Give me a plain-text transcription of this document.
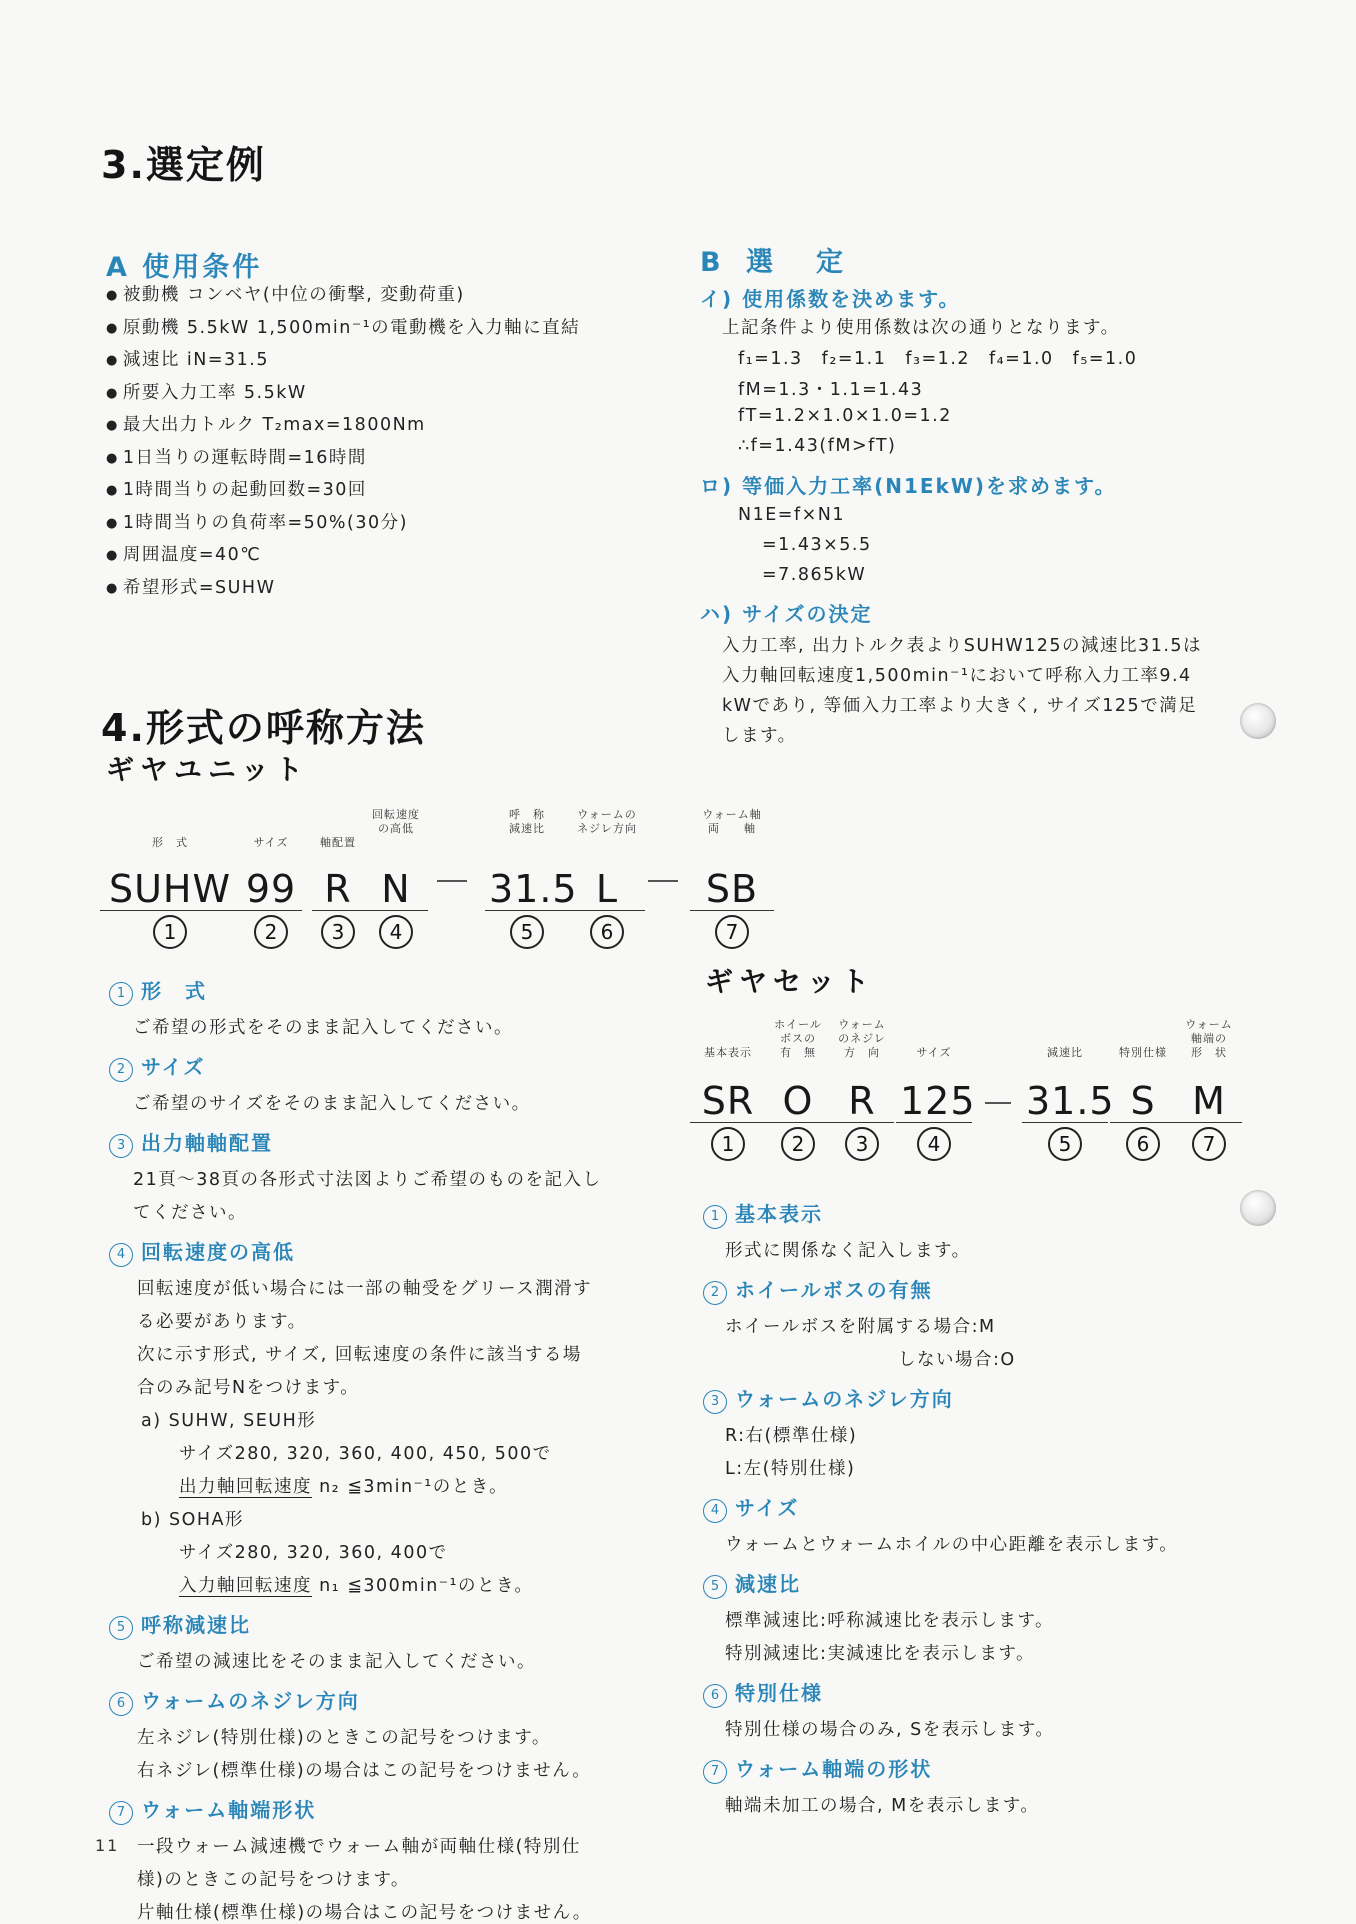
3.選定例
A 使用条件
● 被動機 コンベヤ(中位の衝撃, 変動荷重)
● 原動機 5.5kW 1,500min⁻¹の電動機を入力軸に直結
● 減速比 iN=31.5
● 所要入力工率 5.5kW
● 最大出力トルク T₂max=1800Nm
● 1日当りの運転時間=16時間
● 1時間当りの起動回数=30回
● 1時間当りの負荷率=50%(30分)
● 周囲温度=40℃
● 希望形式=SUHW
B 選　定
イ) 使用係数を決めます。

上記条件より使用係数は次の通りとなります。

f₁=1.3　f₂=1.1　f₃=1.2　f₄=1.0　f₅=1.0

fM=1.3・1.1=1.43

fT=1.2×1.0×1.0=1.2

∴f=1.43(fM>fT)

ロ) 等価入力工率(N1EkW)を求めます。

N1E=f×N1

=1.43×5.5

=7.865kW

ハ) サイズの決定

入力工率, 出力トルク表よりSUHW125の減速比31.5は

入力軸回転速度1,500min⁻¹において呼称入力工率9.4

kWであり, 等価入力工率より大きく, サイズ125で満足

します。

4.形式の呼称方法
ギヤユニット
形　式
SUHW
1
サイズ
99
2
軸配置
R
3
回転速度
の高低
N
4
呼　称
減速比
31.5
5
ウォームの
ネジレ方向
L
6
ウォーム軸
両　　軸
SB
7
1 形　式

ご希望の形式をそのまま記入してください。

2 サイズ

ご希望のサイズをそのまま記入してください。

3 出力軸軸配置

21頁～38頁の各形式寸法図よりご希望のものを記入し

てください。

4 回転速度の高低

回転速度が低い場合には一部の軸受をグリース潤滑す

る必要があります。

次に示す形式, サイズ, 回転速度の条件に該当する場

合のみ記号Nをつけます。

a) SUHW, SEUH形

サイズ280, 320, 360, 400, 450, 500で

出力軸回転速度 n₂ ≦3min⁻¹のとき。

b) SOHA形

サイズ280, 320, 360, 400で

入力軸回転速度 n₁ ≦300min⁻¹のとき。

5 呼称減速比

ご希望の減速比をそのまま記入してください。

6 ウォームのネジレ方向

左ネジレ(特別仕様)のときこの記号をつけます。

右ネジレ(標準仕様)の場合はこの記号をつけません。

7 ウォーム軸端形状

一段ウォーム減速機でウォーム軸が両軸仕様(特別仕

様)のときこの記号をつけます。

片軸仕様(標準仕様)の場合はこの記号をつけません。

ギヤセット
基本表示
SR
1
ホイール
ボスの
有　無
O
2
ウォーム
のネジレ
方　向
R
3
サイズ
125
4
減速比
31.5
5
特別仕様
S
6
ウォーム
軸端の
形　状
M
7
1 基本表示

形式に関係なく記入します。

2 ホイールボスの有無

ホイールボスを附属する場合:M

しない場合:O

3 ウォームのネジレ方向

R:右(標準仕様)

L:左(特別仕様)

4 サイズ

ウォームとウォームホイルの中心距離を表示します。

5 減速比

標準減速比:呼称減速比を表示します。

特別減速比:実減速比を表示します。

6 特別仕様

特別仕様の場合のみ, Sを表示します。

7 ウォーム軸端の形状

軸端未加工の場合, Mを表示します。

11
